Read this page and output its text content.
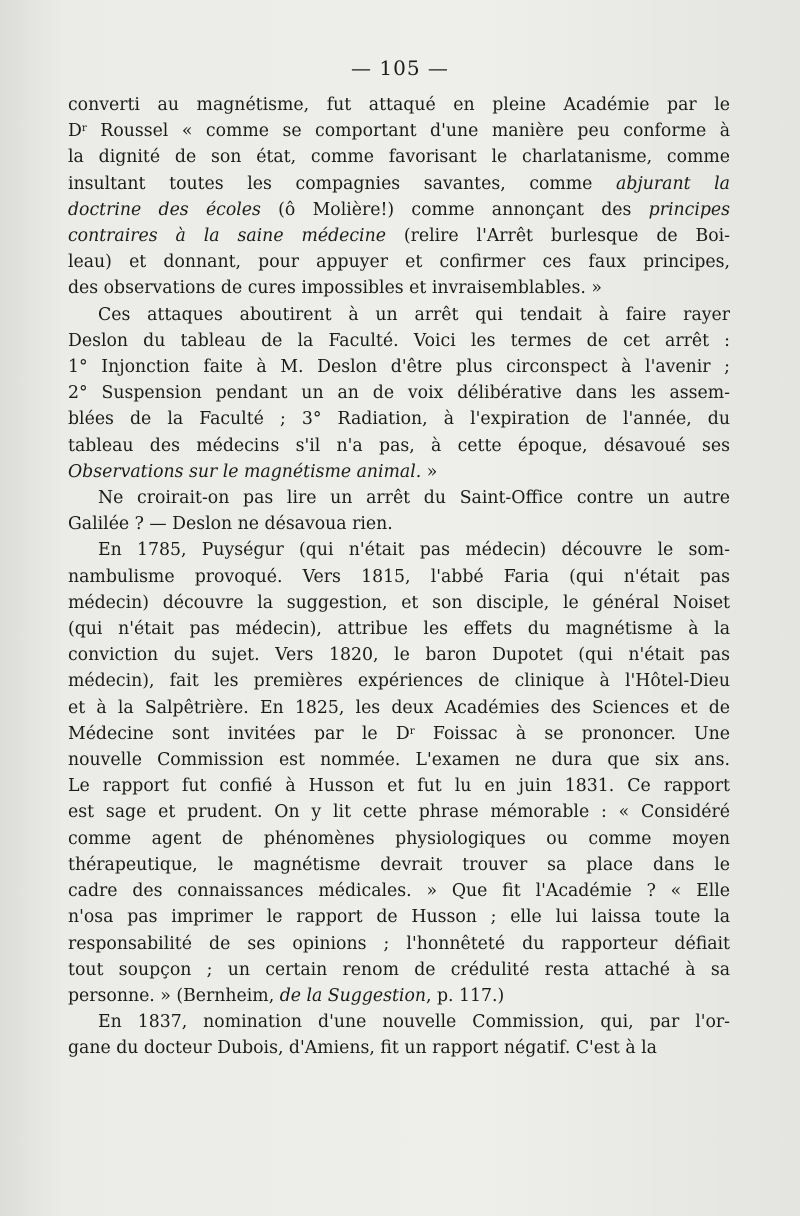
— 105 —

converti au magnétisme, fut attaqué en pleine Académie par le
$D^r$ Roussel « comme se comportant d'une manière peu conforme à
la dignité de son état, comme favorisant le charlatanisme, comme
insultant toutes les compagnies savantes, comme abjurant la
doctrine des écoles (ô Molière!) comme annonçant des principes
contraires à la saine médecine (relire l'Arrêt burlesque de Boi-
leau) et donnant, pour appuyer et confirmer ces faux principes,
des observations de cures impossibles et invraisemblables. »

Ces attaques aboutirent à un arrêt qui tendait à faire rayer
Deslon du tableau de la Faculté. Voici les termes de cet arrêt :
1° Injonction faite à M. Deslon d'être plus circonspect à l'avenir ;
2° Suspension pendant un an de voix délibérative dans les assem-
blées de la Faculté ; 3° Radiation, à l'expiration de l'année, du
tableau des médecins s'il n'a pas, à cette époque, désavoué ses
Observations sur le magnétisme animal. »

Ne croirait-on pas lire un arrêt du Saint-Office contre un autre
Galilée ? — Deslon ne désavoua rien.

En 1785, Puységur (qui n'était pas médecin) découvre le som-
nambulisme provoqué. Vers 1815, l'abbé Faria (qui n'était pas
médecin) découvre la suggestion, et son disciple, le général Noiset
(qui n'était pas médecin), attribue les effets du magnétisme à la
conviction du sujet. Vers 1820, le baron Dupotet (qui n'était pas
médecin), fait les premières expériences de clinique à l'Hôtel-Dieu
et à la Salpêtrière. En 1825, les deux Académies des Sciences et de
Médecine sont invitées par le $D^r$ Foissac à se prononcer. Une
nouvelle Commission est nommée. L'examen ne dura que six ans.
Le rapport fut confié à Husson et fut lu en juin 1831. Ce rapport
est sage et prudent. On y lit cette phrase mémorable : « Considéré
comme agent de phénomènes physiologiques ou comme moyen
thérapeutique, le magnétisme devrait trouver sa place dans le
cadre des connaissances médicales. » Que fit l'Académie ? « Elle
n'osa pas imprimer le rapport de Husson ; elle lui laissa toute la
responsabilité de ses opinions ; l'honnêteté du rapporteur défiait
tout soupçon ; un certain renom de crédulité resta attaché à sa
personne. » (Bernheim, de la Suggestion, p. 117.)

En 1837, nomination d'une nouvelle Commission, qui, par l'or-
gane du docteur Dubois, d'Amiens, fit un rapport négatif. C'est à la
